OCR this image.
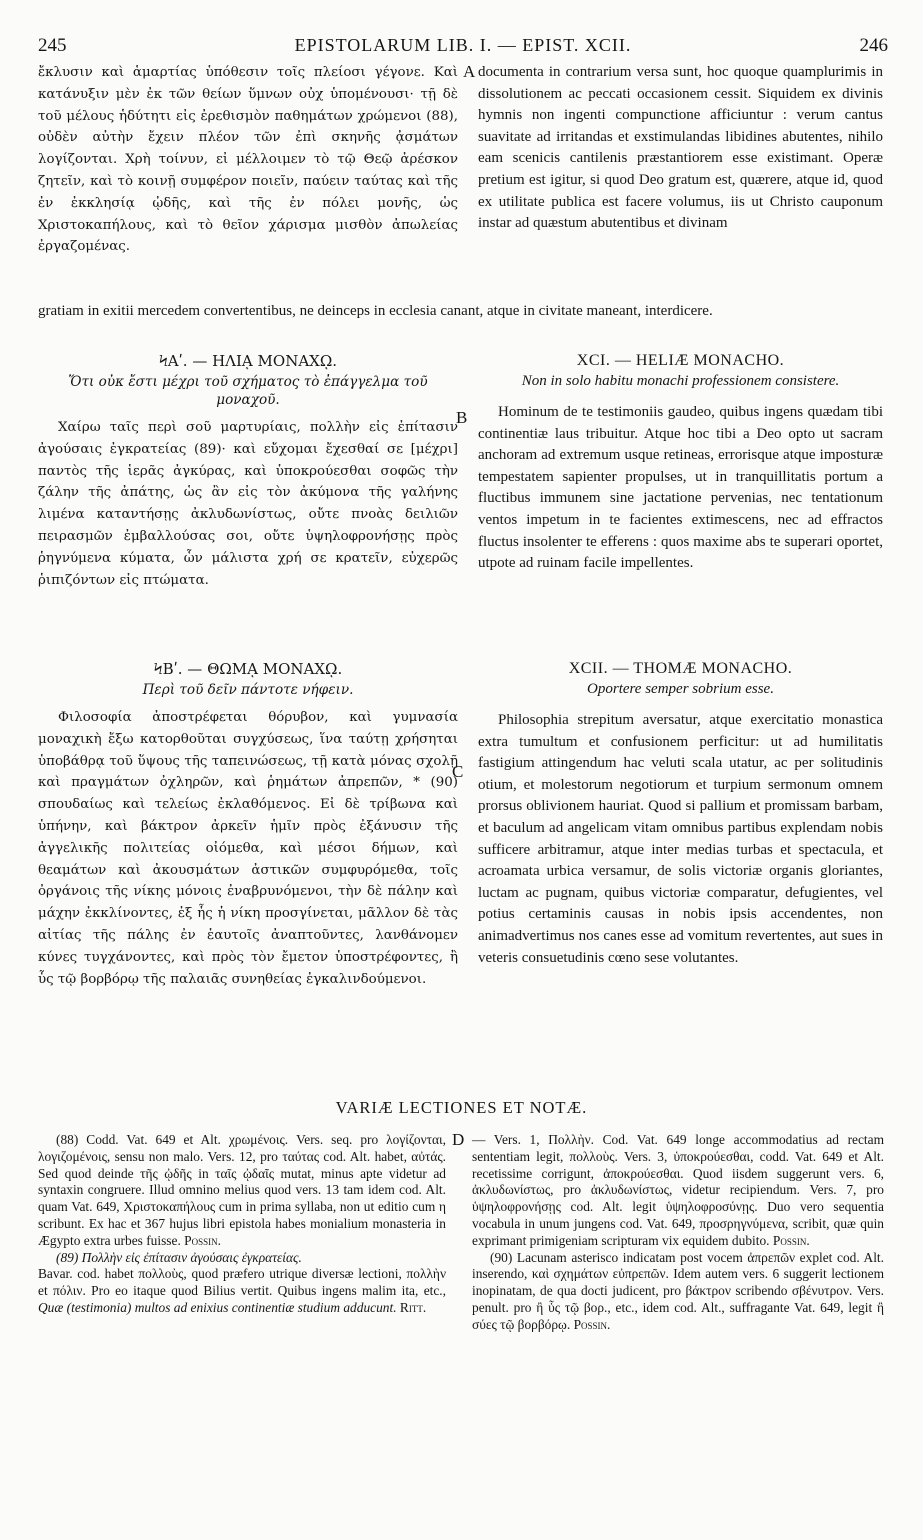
245	EPISTOLARUM LIB. I. — EPIST. XCII.	246

ἔκλυσιν καὶ ἁμαρτίας ὑπόθεσιν τοῖς πλείοσι γέγονε. Καὶ κατάνυξιν μὲν ἐκ τῶν θείων ὕμνων οὐχ ὑπομένουσι· τῇ δὲ τοῦ μέλους ἡδύτητι εἰς ἐρεθισμὸν παθημάτων χρώμενοι (88), οὐδὲν αὐτὴν ἔχειν πλέον τῶν ἐπὶ σκηνῆς ᾀσμάτων λογίζονται. Χρὴ τοίνυν, εἰ μέλλοιμεν τὸ τῷ Θεῷ ἀρέσκον ζητεῖν, καὶ τὸ κοινῇ συμφέρον ποιεῖν, παύειν ταύτας καὶ τῆς ἐν ἐκκλησίᾳ ᾠδῆς, καὶ τῆς ἐν πόλει μονῆς, ὡς Χριστοκαπήλους, καὶ τὸ θεῖον χάρισμα μισθὸν ἀπωλείας ἐργαζομένας.

A documenta in contrarium versa sunt, hoc quoque quamplurimis in dissolutionem ac peccati occasionem cessit. Siquidem ex divinis hymnis non ingenti compunctione afficiuntur : verum cantus suavitate ad irritandas et exstimulandas libidines abutentes, nihilo eam scenicis cantilenis præstantiorem esse existimant. Operæ pretium est igitur, si quod Deo gratum est, quærere, atque id, quod ex utilitate publica est facere volumus, iis ut Christo cauponum instar ad quæstum abutentibus et divinam

gratiam in exitii mercedem convertentibus, ne deinceps in ecclesia canant, atque in civitate maneant, interdicere.

ϞΑʹ. — ΗΛΙᾼ ΜΟΝΑΧῼ.
Ὅτι οὐκ ἔστι μέχρι τοῦ σχήματος τὸ ἐπάγγελμα τοῦ μοναχοῦ.

Χαίρω ταῖς περὶ σοῦ μαρτυρίαις, πολλὴν εἰς ἐπίτασιν ἀγούσαις ἐγκρατείας (89)· καὶ εὔχομαι ἔχεσθαί σε [μέχρι] παντὸς τῆς ἱερᾶς ἀγκύρας, καὶ ὑποκρούεσθαι σοφῶς τὴν ζάλην τῆς ἀπάτης, ὡς ἂν εἰς τὸν ἀκύμονα τῆς γαλήνης λιμένα καταντήσῃς ἀκλυδωνίστως, οὔτε πνοὰς δειλιῶν πειρασμῶν ἐμβαλλούσας σοι, οὔτε ὑψηλοφρονήσῃς πρὸς ῥηγνύμενα κύματα, ὧν μάλιστα χρή σε κρατεῖν, εὐχερῶς ῥιπιζόντων εἰς πτώματα.

B
XCI. — HELIÆ MONACHO.
Non in solo habitu monachi professionem consistere.

Hominum de te testimoniis gaudeo, quibus ingens quædam tibi continentiæ laus tribuitur. Atque hoc tibi a Deo opto ut sacram anchoram ad extremum usque retineas, errorisque atque imposturæ tempestatem sapienter propulses, ut in tranquillitatis portum a fluctibus immunem sine jactatione pervenias, nec tentationum ventos impetum in te facientes extimescens, nec ad effractos fluctus insolenter te efferens : quos maxime abs te superari oportet, utpote ad ruinam facile impellentes.

ϞΒʹ. — ΘΩΜᾼ ΜΟΝΑΧῼ.
Περὶ τοῦ δεῖν πάντοτε νήφειν.

Φιλοσοφία ἀποστρέφεται θόρυβον, καὶ γυμνασία μοναχικὴ ἔξω κατορθοῦται συγχύσεως, ἵνα ταύτῃ χρήσηται ὑποβάθρᾳ τοῦ ὕψους τῆς ταπεινώσεως, τῇ κατὰ μόνας σχολῇ καὶ πραγμάτων ὀχληρῶν, καὶ ῥημάτων ἀπρεπῶν, * (90) σπουδαίως καὶ τελείως ἐκλαθόμενος. Εἰ δὲ τρίβωνα καὶ ὑπήνην, καὶ βάκτρον ἀρκεῖν ἡμῖν πρὸς ἐξάνυσιν τῆς ἀγγελικῆς πολιτείας οἰόμεθα, καὶ μέσοι δήμων, καὶ θεαμάτων καὶ ἀκουσμάτων ἀστικῶν συμφυρόμεθα, τοῖς ὀργάνοις τῆς νίκης μόνοις ἐναβρυνόμενοι, τὴν δὲ πάλην καὶ μάχην ἐκκλίνοντες, ἐξ ἧς ἡ νίκη προσγίνεται, μᾶλλον δὲ τὰς αἰτίας τῆς πάλης ἐν ἑαυτοῖς ἀναπτοῦντες, λανθάνομεν κύνες τυγχάνοντες, καὶ πρὸς τὸν ἔμετον ὑποστρέφοντες, ἢ ὗς τῷ βορβόρῳ τῆς παλαιᾶς συνηθείας ἐγκαλινδούμενοι.

C
XCII. — THOMÆ MONACHO.
Oportere semper sobrium esse.

Philosophia strepitum aversatur, atque exercitatio monastica extra tumultum et confusionem perficitur: ut ad humilitatis fastigium attingendum hac veluti scala utatur, ac per solitudinis otium, et molestorum negotiorum et turpium sermonum omnem prorsus oblivionem hauriat. Quod si pallium et promissam barbam, et baculum ad angelicam vitam omnibus partibus explendam nobis sufficere arbitramur, atque inter medias turbas et spectacula, et acroamata urbica versamur, de solis victoriæ organis gloriantes, luctam ac pugnam, quibus victoriæ comparatur, defugientes, vel potius certaminis causas in nobis ipsis accendentes, non animadvertimus nos canes esse ad vomitum revertentes, aut sues in veteris consuetudinis cœno sese volutantes.

VARIÆ LECTIONES ET NOTÆ.

(88) Codd. Vat. 649 et Alt. χρωμένοις. Vers. seq. pro λογίζονται, λογιζομένοις, sensu non malo. Vers. 12, pro ταύτας cod. Alt. habet, αὐτάς. Sed quod deinde τῆς ᾠδῆς in ταῖς ᾠδαῖς mutat, minus apte videtur ad syntaxin congruere. Illud omnino melius quod vers. 13 tam idem cod. Alt. quam Vat. 649, Χριστοκαπήλους cum in prima syllaba, non ut editio cum η scribunt. Ex hac et 367 hujus libri epistola habes monialium monasteria in Ægypto extra urbes fuisse. Possin.

(89) Πολλὴν εἰς ἐπίτασιν ἀγούσαις ἐγκρατείας.

Bavar. cod. habet πολλοὺς, quod præfero utrique diversæ lectioni, πολλὴν et πόλιν. Pro eo itaque quod Bilius vertit. Quibus ingens malim ita, etc., Quæ (testimonia) multos ad enixius continentiæ studium adducunt. Ritt.

D — Vers. 1, Πολλὴν. Cod. Vat. 649 longe accommodatius ad rectam sententiam legit, πολλοὺς. Vers. 3, ὑποκρούεσθαι, codd. Vat. 649 et Alt. recetissime corrigunt, ἀποκρούεσθαι. Quod iisdem suggerunt vers. 6, ἀκλυδωνίστως, pro ἀκλυδωνίστως, videtur recipiendum. Vers. 7, pro ὑψηλοφρονήσῃς cod. Alt. legit ὑψηλοφροσύνῃς. Duo vero sequentia vocabula in unum jungens cod. Vat. 649, προσρηγνύμενα, scribit, quæ quin exprimant primigeniam scripturam vix equidem dubito. Possin.

(90) Lacunam asterisco indicatam post vocem ἀπρεπῶν explet cod. Alt. inserendo, καὶ σχημάτων εὐπρεπῶν. Idem autem vers. 6 suggerit lectionem inopinatam, de qua docti judicent, pro βάκτρον scribendo σβένυτρον. Vers. penult. pro ἢ ὗς τῷ βορ., etc., idem cod. Alt., suffragante Vat. 649, legit ἢ σύες τῷ βορβόρῳ. Possin.
